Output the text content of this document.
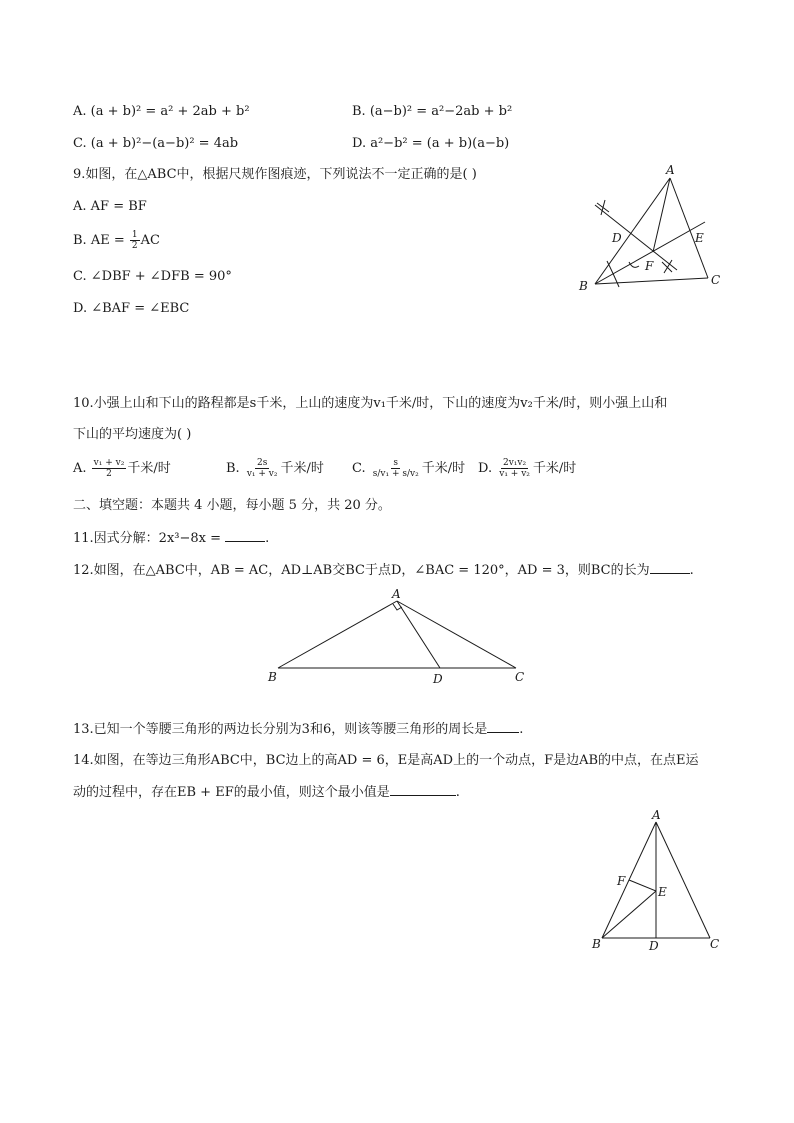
A. (a + b)² = a² + 2ab + b²	B. (a−b)² = a²−2ab + b²
C. (a + b)²−(a−b)² = 4ab	D. a²−b² = (a + b)(a−b)
9.如图，在△ABC中，根据尺规作图痕迹，下列说法不一定正确的是( )
A. AF = BF
B. AE = $\frac{1}{2}$ AC
C. ∠DBF + ∠DFB = 90°
D. ∠BAF = ∠EBC
A
B	C
D	E
F
10.小强上山和下山的路程都是s千米，上山的速度为v₁千米/时，下山的速度为v₂千米/时，则小强上山和
下山的平均速度为( )
A. $\frac{\text{v₁ + v₂}}{2}$ 千米/时	B. $\frac{2s}{\text{v₁ + v₂}}$ 千米/时 C. $\frac{s}{\text{s/v₁ + s/v₂}}$ 千米/时 D. $\frac{\text{2v₁v₂}}{\text{v₁ + v₂}}$ 千米/时
二、填空题：本题共 4 小题，每小题 5 分，共 20 分。
11.因式分解：2x³−8x =	.
12.如图，在△ABC中，AB = AC，AD⊥AB交BC于点D，∠BAC = 120°，AD = 3，则BC的长为	.
A
B	C
D
13.已知一个等腰三角形的两边长分别为3和6，则该等腰三角形的周长是 .
14.如图，在等边三角形ABC中，BC边上的高AD = 6，E是高AD上的一个动点，F是边AB的中点，在点E运
动的过程中，存在EB + EF的最小值，则这个最小值是	.
A
B	C
D
E
F
